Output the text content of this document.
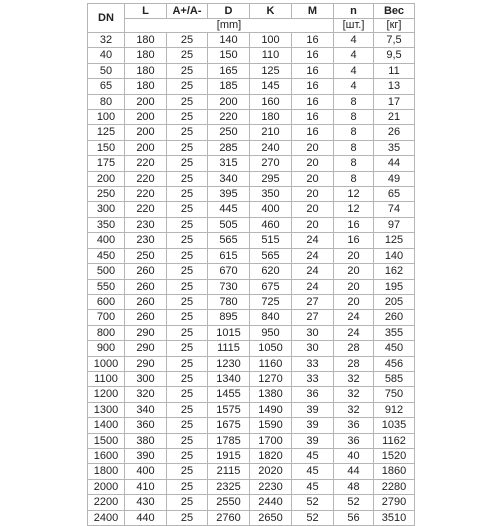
DN	L	A+/A-	D	K	M	n	Вес
	[mm]					[шт.]	[кг]
32	180	25	140	100	16	4	7,5
40	180	25	150	110	16	4	9,5
50	180	25	165	125	16	4	11
65	180	25	185	145	16	4	13
80	200	25	200	160	16	8	17
100	200	25	220	180	16	8	21
125	200	25	250	210	16	8	26
150	200	25	285	240	20	8	35
175	220	25	315	270	20	8	44
200	220	25	340	295	20	8	49
250	220	25	395	350	20	12	65
300	220	25	445	400	20	12	74
350	230	25	505	460	20	16	97
400	230	25	565	515	24	16	125
450	250	25	615	565	24	20	140
500	260	25	670	620	24	20	162
550	260	25	730	675	24	20	195
600	260	25	780	725	27	20	205
700	260	25	895	840	27	24	260
800	290	25	1015	950	30	24	355
900	290	25	1115	1050	30	28	450
1000	290	25	1230	1160	33	28	456
1100	300	25	1340	1270	33	32	585
1200	320	25	1455	1380	36	32	750
1300	340	25	1575	1490	39	32	912
1400	360	25	1675	1590	39	36	1035
1500	380	25	1785	1700	39	36	1162
1600	390	25	1915	1820	45	40	1520
1800	400	25	2115	2020	45	44	1860
2000	410	25	2325	2230	45	48	2280
2200	430	25	2550	2440	52	52	2790
2400	440	25	2760	2650	52	56	3510
